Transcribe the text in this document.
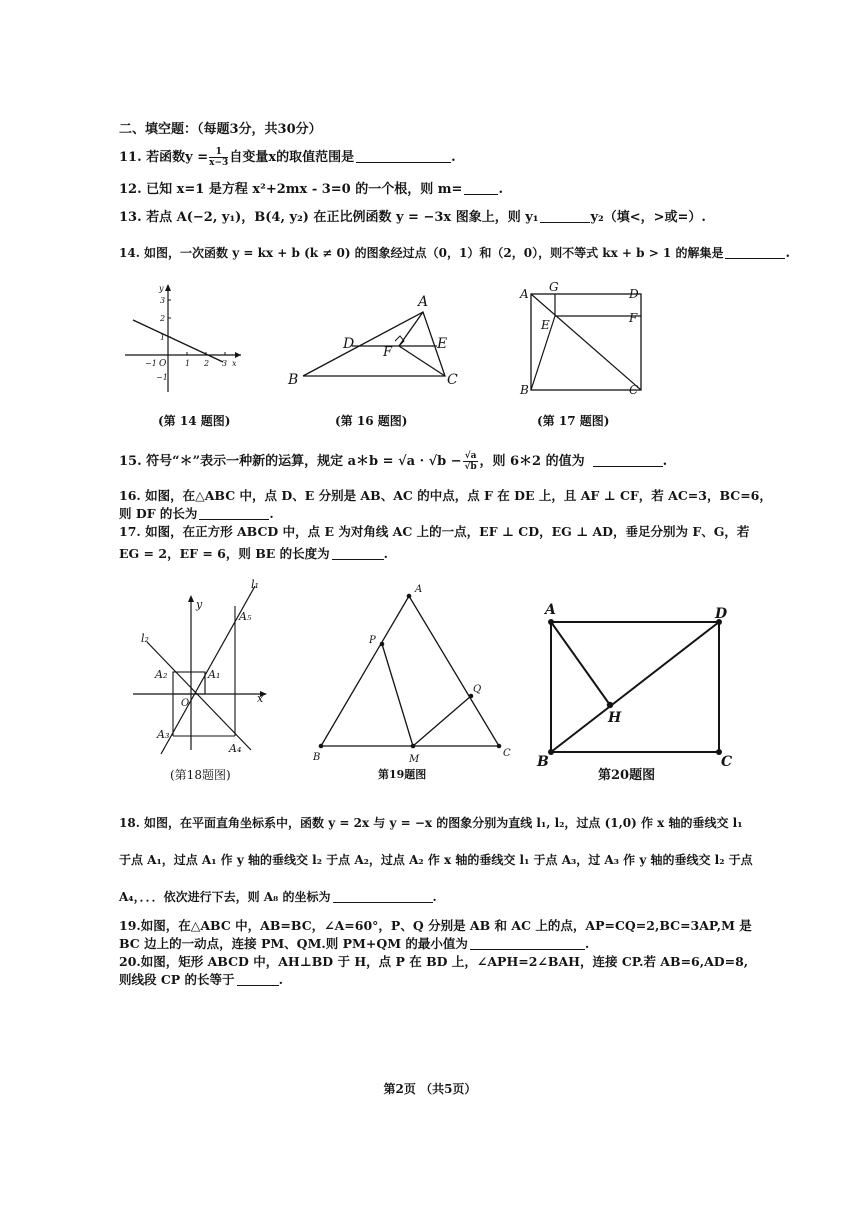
二、填空题：（每题3分，共30分）
11. 若函数$y = \frac{1}{x-3}$ 自变量x的取值范围是	.
12. 已知 x=1 是方程 x²+2mx - 3=0 的一个根，则 m=	.
13. 若点 A(−2, y₁)，B(4, y₂) 在正比例函数 y = −3x 图象上，则 y₁	y₂（填<，>或=）.
14. 如图，一次函数 y = kx + b (k ≠ 0) 的图象经过点（0，1）和（2，0），则不等式 kx + b > 1 的解集是	.
y
3
2
1
−1 O 1 2 3 x
−1
(第 14 题图)
A
D	E
F
B	C
(第 16 题图)
A G	D
F
E
B	C
(第 17 题图)
15. 符号“＊”表示一种新的运算，规定 a＊b = $√a \cdot √b - \frac{√a}{√b}$ ，则 6＊2 的值为	.
16. 如图，在△ABC 中，点 D、E 分别是 AB、AC 的中点，点 F 在 DE 上，且 AF ⊥ CF，若 AC=3，BC=6，
则 DF 的长为	.
17. 如图，在正方形 ABCD 中，点 E 为对角线 AC 上的一点，EF ⊥ CD，EG ⊥ AD，垂足分别为 F、G，若
EG = 2，EF = 6，则 BE 的长度为	.
l₁
l₂
y
A₅
A₂	A₁
O	x
A₃
A₄
(第18题图)
A
P
Q
B	M
C
第19题图
A	D
H
B	C
第20题图
18. 如图，在平面直角坐标系中，函数 y = 2x 与 y = −x 的图象分别为直线 l₁, l₂，过点 (1,0) 作 x 轴的垂线交 l₁
于点 A₁，过点 A₁ 作 y 轴的垂线交 l₂ 于点 A₂，过点 A₂ 作 x 轴的垂线交 l₁ 于点 A₃，过 A₃ 作 y 轴的垂线交 l₂ 于点
A₄，．．．依次进行下去，则 A₈ 的坐标为	.
19.如图，在△ABC 中，AB=BC，∠A=60°，P、Q 分别是 AB 和 AC 上的点，AP=CQ=2,BC=3AP,M 是
BC 边上的一动点，连接 PM、QM.则 PM+QM 的最小值为	.
20.如图，矩形 ABCD 中，AH⊥BD 于 H，点 P 在 BD 上，∠APH=2∠BAH，连接 CP.若 AB=6,AD=8,
则线段 CP 的长等于	.
第2页 （共5页）
